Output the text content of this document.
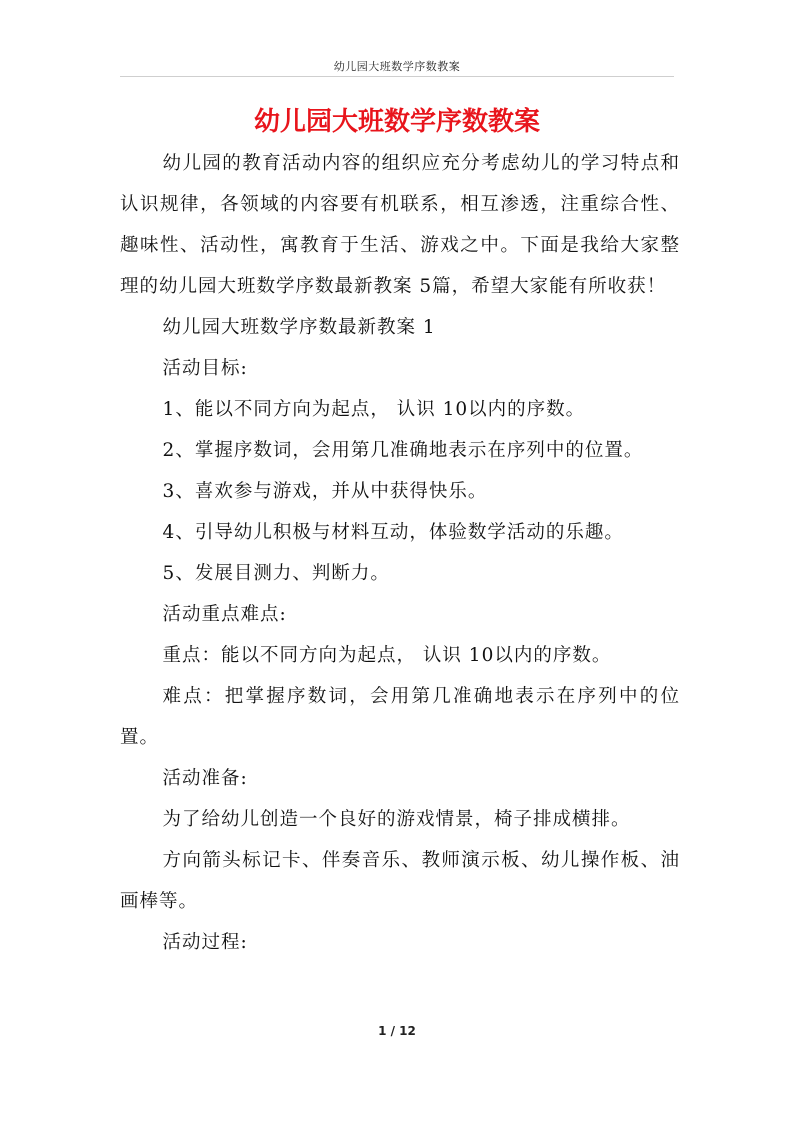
幼儿园大班数学序数教案
幼儿园大班数学序数教案

幼儿园的教育活动内容的组织应充分考虑幼儿的学习特点和认识规律，各领域的内容要有机联系，相互渗透，注重综合性、趣味性、活动性，寓教育于生活、游戏之中。下面是我给大家整理的幼儿园大班数学序数最新教案 5篇，希望大家能有所收获！

幼儿园大班数学序数最新教案 1

活动目标:

1、能以不同方向为起点， 认识 10以内的序数。

2、掌握序数词，会用第几准确地表示在序列中的位置。

3、喜欢参与游戏，并从中获得快乐。

4、引导幼儿积极与材料互动，体验数学活动的乐趣。

5、发展目测力、判断力。

活动重点难点:

重点：能以不同方向为起点， 认识 10以内的序数。

难点：把掌握序数词，会用第几准确地表示在序列中的位置。

活动准备:

为了给幼儿创造一个良好的游戏情景，椅子排成横排。

方向箭头标记卡、伴奏音乐、教师演示板、幼儿操作板、油画棒等。

活动过程:

1 / 12
